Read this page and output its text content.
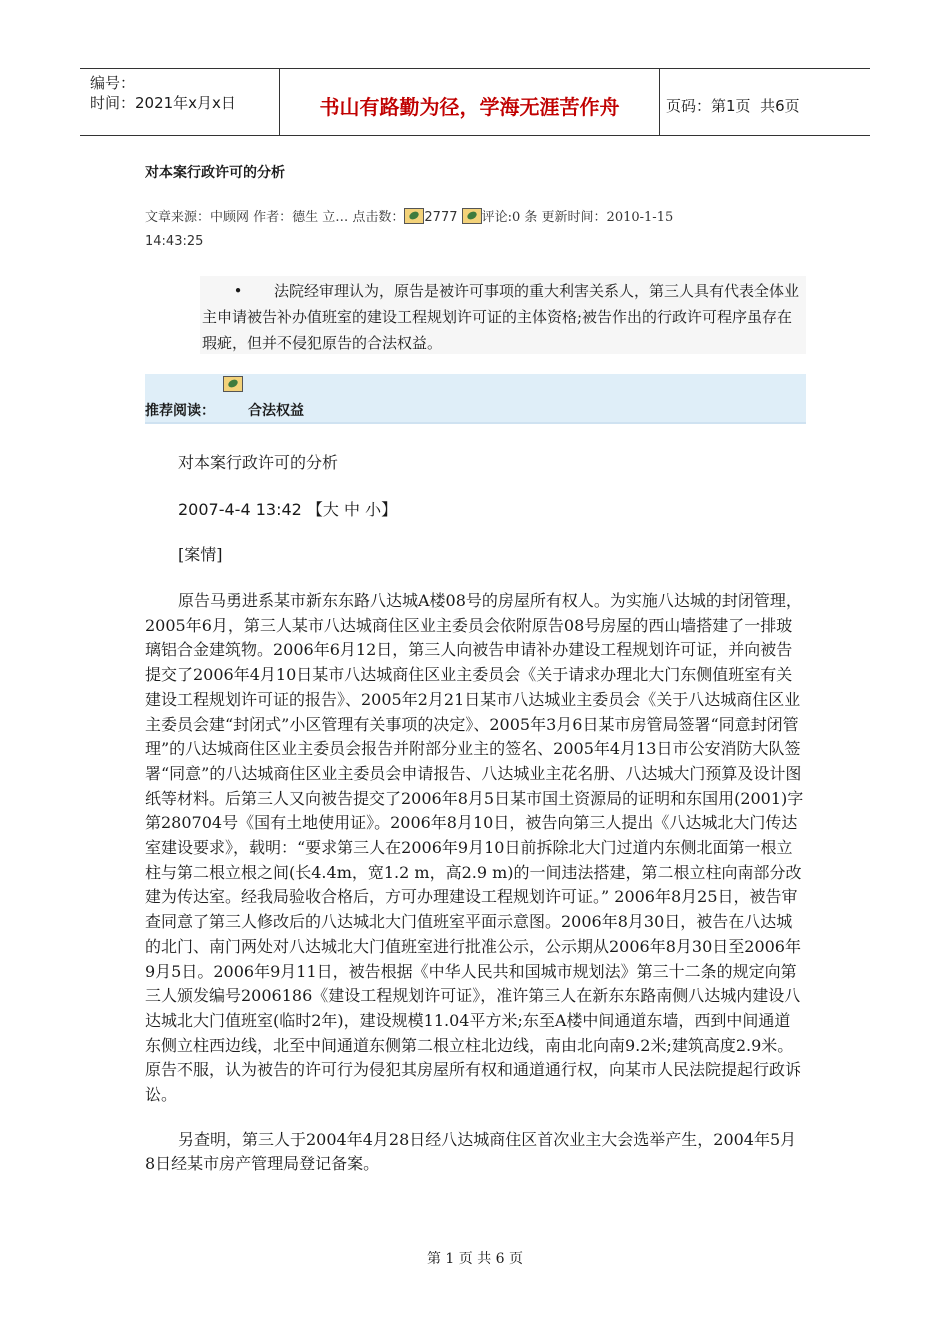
编号：
时间：2021年x月x日	书山有路勤为径，学海无涯苦作舟	页码：第1页  共6页
对本案行政许可的分析
文章来源：中顾网 作者：德生 立… 点击数： 2777 评论:0 条 更新时间：2010-1-15
14:43:25
• 法院经审理认为，原告是被许可事项的重大利害关系人，第三人具有代表全体业主申请被告补办值班室的建设工程规划许可证的主体资格;被告作出的行政许可程序虽存在瑕疵，但并不侵犯原告的合法权益。
推荐阅读： 合法权益

对本案行政许可的分析

2007-4-4 13:42 【大 中 小】

[案情]

原告马勇进系某市新东东路八达城A楼08号的房屋所有权人。为实施八达城的封闭管理，2005年6月，第三人某市八达城商住区业主委员会依附原告08号房屋的西山墙搭建了一排玻璃铝合金建筑物。2006年6月12日，第三人向被告申请补办建设工程规划许可证，并向被告提交了2006年4月10日某市八达城商住区业主委员会《关于请求办理北大门东侧值班室有关建设工程规划许可证的报告》、2005年2月21日某市八达城业主委员会《关于八达城商住区业主委员会建“封闭式”小区管理有关事项的决定》、2005年3月6日某市房管局签署“同意封闭管理”的八达城商住区业主委员会报告并附部分业主的签名、2005年4月13日市公安消防大队签署“同意”的八达城商住区业主委员会申请报告、八达城业主花名册、八达城大门预算及设计图纸等材料。后第三人又向被告提交了2006年8月5日某市国土资源局的证明和东国用(2001)字第280704号《国有土地使用证》。2006年8月10日，被告向第三人提出《八达城北大门传达室建设要求》，载明：“要求第三人在2006年9月10日前拆除北大门过道内东侧北面第一根立柱与第二根立根之间(长4.4m，宽1.2 m，高2.9 m)的一间违法搭建，第二根立柱向南部分改建为传达室。经我局验收合格后，方可办理建设工程规划许可证。” 2006年8月25日，被告审查同意了第三人修改后的八达城北大门值班室平面示意图。2006年8月30日，被告在八达城的北门、南门两处对八达城北大门值班室进行批准公示，公示期从2006年8月30日至2006年9月5日。2006年9月11日，被告根据《中华人民共和国城市规划法》第三十二条的规定向第三人颁发编号2006186《建设工程规划许可证》，准许第三人在新东东路南侧八达城内建设八达城北大门值班室(临时2年)，建设规模11.04平方米;东至A楼中间通道东墙，西到中间通道东侧立柱西边线，北至中间通道东侧第二根立柱北边线，南由北向南9.2米;建筑高度2.9米。原告不服，认为被告的许可行为侵犯其房屋所有权和通道通行权，向某市人民法院提起行政诉讼。

另查明，第三人于2004年4月28日经八达城商住区首次业主大会选举产生，2004年5月8日经某市房产管理局登记备案。

第 1 页 共 6 页
